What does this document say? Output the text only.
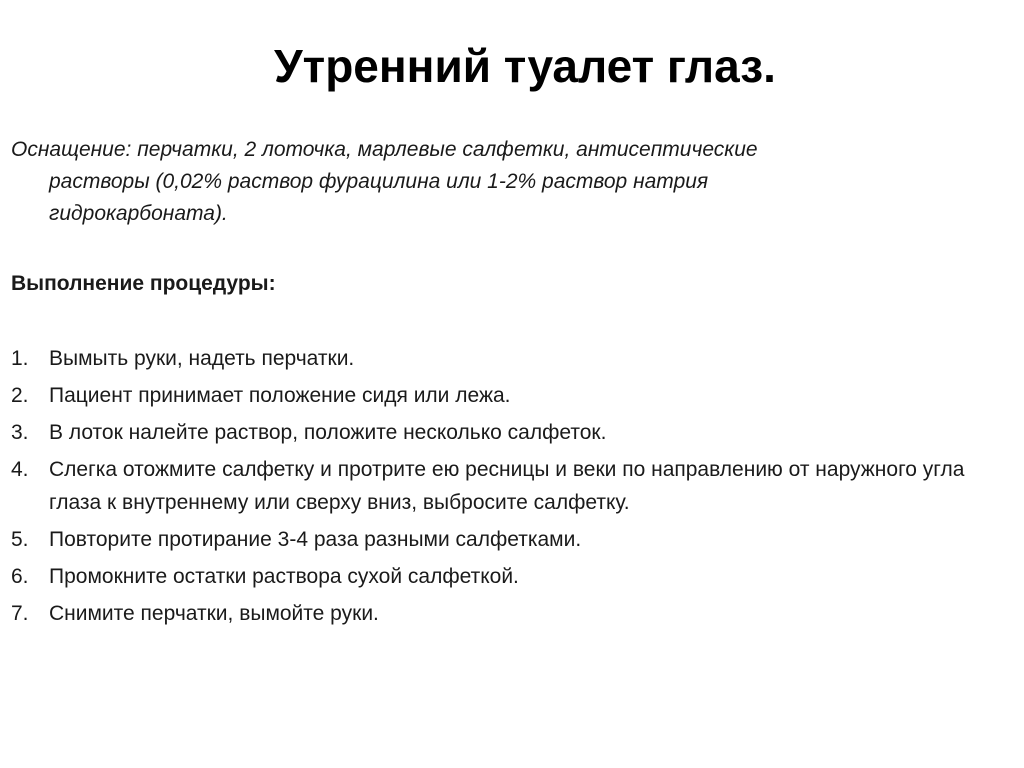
Утренний туалет глаз.
Оснащение: перчатки, 2 лоточка, марлевые салфетки, антисептические
растворы (0,02% раствор фурацилина или 1-2% раствор натрия
гидрокарбоната).
Выполнение процедуры:
1. Вымыть руки, надеть перчатки.
2. Пациент принимает положение сидя или лежа.
3. В лоток налейте раствор, положите несколько салфеток.
4. Слегка отожмите салфетку и протрите ею ресницы и веки по направлению от наружного угла глаза к внутреннему или сверху вниз, выбросите салфетку.
5. Повторите протирание 3-4 раза разными салфетками.
6. Промокните остатки раствора сухой салфеткой.
7. Снимите перчатки, вымойте руки.
